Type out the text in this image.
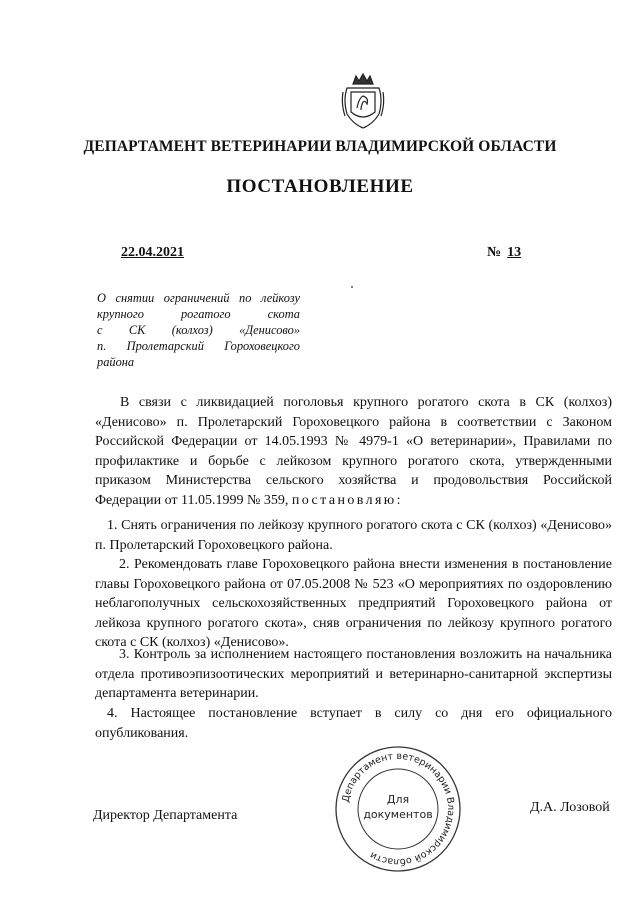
ДЕПАРТАМЕНТ ВЕТЕРИНАРИИ ВЛАДИМИРСКОЙ ОБЛАСТИ
ПОСТАНОВЛЕНИЕ
22.04.2021	№ 13
О снятии ограничений по лейкозу
крупного рогатого скота
с СК (колхоз) «Денисово»
п. Пролетарский Гороховецкого
района
В связи с ликвидацией поголовья крупного рогатого скота в СК (колхоз) «Денисово» п. Пролетарский Гороховецкого района в соответствии с Законом Российской Федерации от 14.05.1993 № 4979-1 «О ветеринарии», Правилами по профилактике и борьбе с лейкозом крупного рогатого скота, утвержденными приказом Министерства сельского хозяйства и продовольствия Российской Федерации от 11.05.1999 № 359, постановляю:
1. Снять ограничения по лейкозу крупного рогатого скота с СК (колхоз) «Денисово» п. Пролетарский Гороховецкого района.
2. Рекомендовать главе Гороховецкого района внести изменения в постановление главы Гороховецкого района от 07.05.2008 № 523 «О мероприятиях по оздоровлению неблагополучных сельскохозяйственных предприятий Гороховецкого района от лейкоза крупного рогатого скота», сняв ограничения по лейкозу крупного рогатого скота с СК (колхоз) «Денисово».
3. Контроль за исполнением настоящего постановления возложить на начальника отдела противоэпизоотических мероприятий и ветеринарно-санитарной экспертизы департамента ветеринарии.
4. Настоящее постановление вступает в силу со дня его официального опубликования.
Департамент ветеринарии Владимирской области
Для
документов
Директор Департамента
Д.А. Лозовой
